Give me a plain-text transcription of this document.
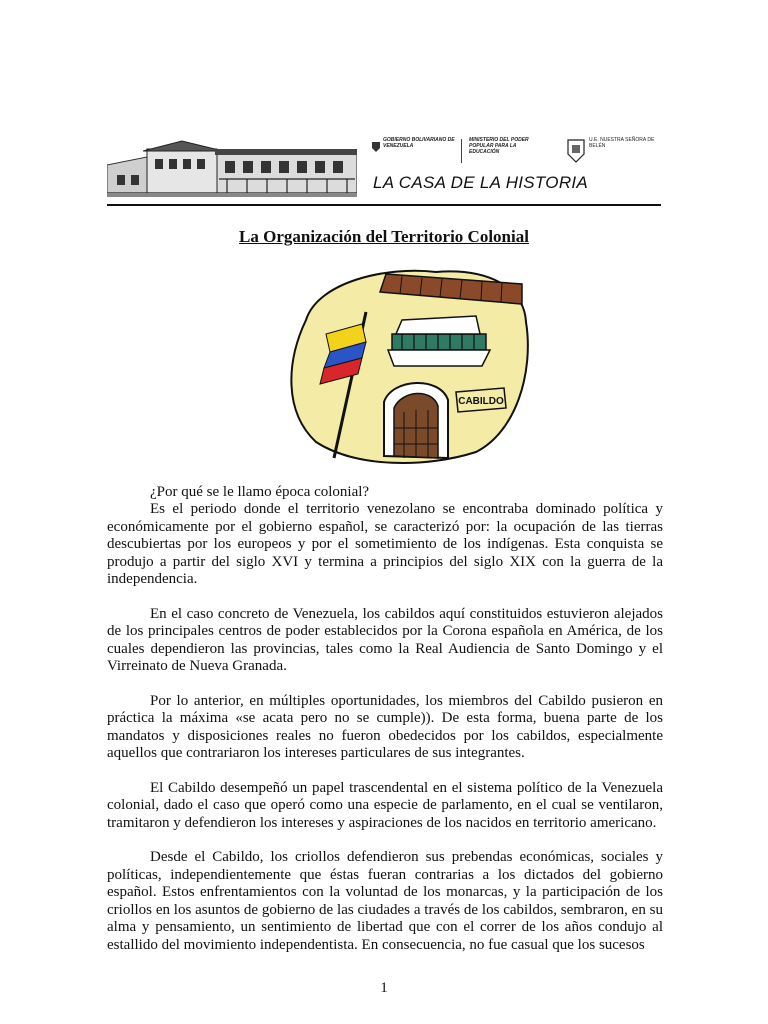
GOBIERNO BOLIVARIANO DE VENEZUELA
MINISTERIO DEL PODER POPULAR PARA LA EDUCACIÓN
U.E. NUESTRA SEÑORA DE BELÉN
LA CASA DE LA HISTORIA
La Organización del Territorio Colonial
CABILDO

¿Por qué se le llamo época colonial?

Es el periodo donde el territorio venezolano se encontraba dominado política y económicamente por el gobierno español, se caracterizó por: la ocupación de las tierras descubiertas por los europeos y por el sometimiento de los indígenas. Esta conquista se produjo a partir del siglo XVI y termina a principios del siglo XIX con la guerra de la independencia.

En el caso concreto de Venezuela, los cabildos aquí constituidos estuvieron alejados de los principales centros de poder establecidos por la Corona española en América, de los cuales dependieron las provincias, tales como la Real Audiencia de Santo Domingo y el Virreinato de Nueva Granada.

Por lo anterior, en múltiples oportunidades, los miembros del Cabildo pusieron en práctica la máxima «se acata pero no se cumple)). De esta forma, buena parte de los mandatos y disposiciones reales no fueron obedecidos por los cabildos, especialmente aquellos que contrariaron los intereses particulares de sus integrantes.

El Cabildo desempeñó un papel trascendental en el sistema político de la Venezuela colonial, dado el caso que operó como una especie de parlamento, en el cual se ventilaron, tramitaron y defendieron los intereses y aspiraciones de los nacidos en territorio americano.

Desde el Cabildo, los criollos defendieron sus prebendas económicas, sociales y políticas, independientemente que éstas fueran contrarias a los dictados del gobierno español. Estos enfrentamientos con la voluntad de los monarcas, y la participación de los criollos en los asuntos de gobierno de las ciudades a través de los cabildos, sembraron, en su alma y pensamiento, un sentimiento de libertad que con el correr de los años condujo al estallido del movimiento independentista. En consecuencia, no fue casual que los sucesos

1
